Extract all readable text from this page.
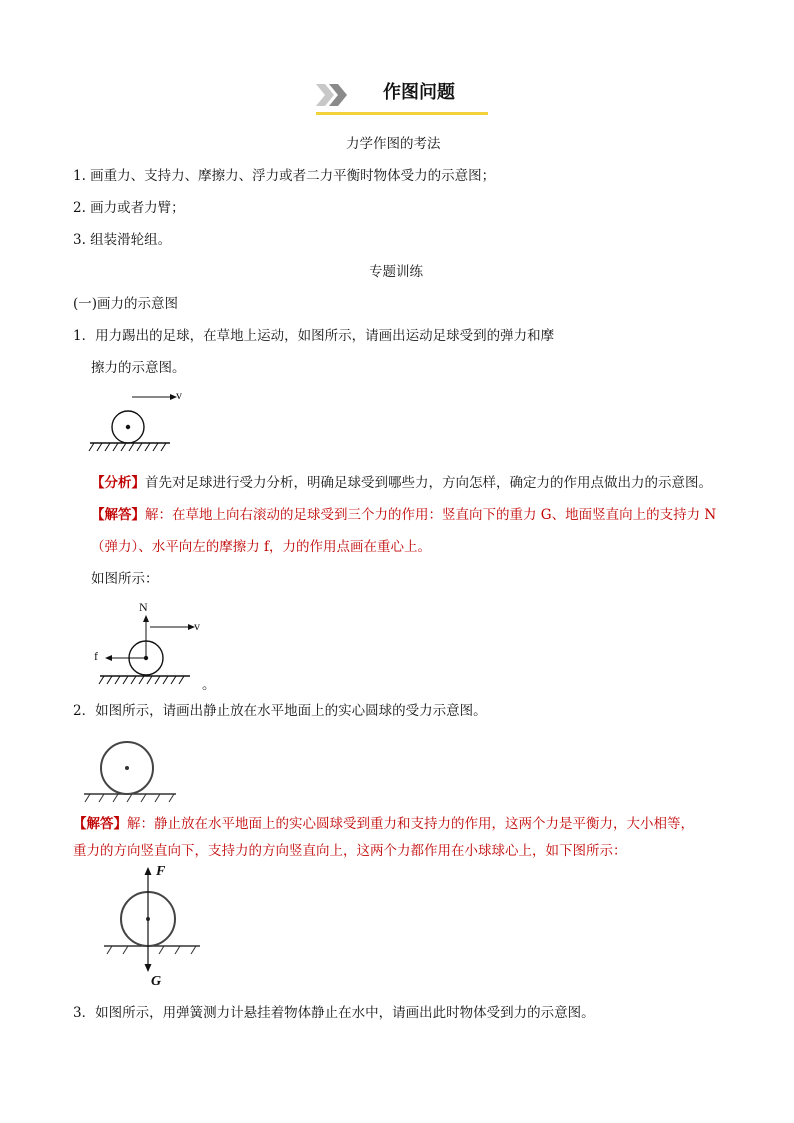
作图问题
力学作图的考法
1. 画重力、支持力、摩擦力、浮力或者二力平衡时物体受力的示意图；
2. 画力或者力臂；
3. 组装滑轮组。
专题训练
(一)画力的示意图
1．用力踢出的足球，在草地上运动，如图所示，请画出运动足球受到的弹力和摩
擦力的示意图。
v
【分析】首先对足球进行受力分析，明确足球受到哪些力，方向怎样，确定力的作用点做出力的示意图。
【解答】解：在草地上向右滚动的足球受到三个力的作用：竖直向下的重力 G、地面竖直向上的支持力 N
（弹力）、水平向左的摩擦力 f，力的作用点画在重心上。
如图所示：
N
v
f
。
2．如图所示，请画出静止放在水平地面上的实心圆球的受力示意图。
【解答】解：静止放在水平地面上的实心圆球受到重力和支持力的作用，这两个力是平衡力，大小相等，
重力的方向竖直向下，支持力的方向竖直向上，这两个力都作用在小球球心上，如下图所示：
F
G
3．如图所示，用弹簧测力计悬挂着物体静止在水中，请画出此时物体受到力的示意图。
